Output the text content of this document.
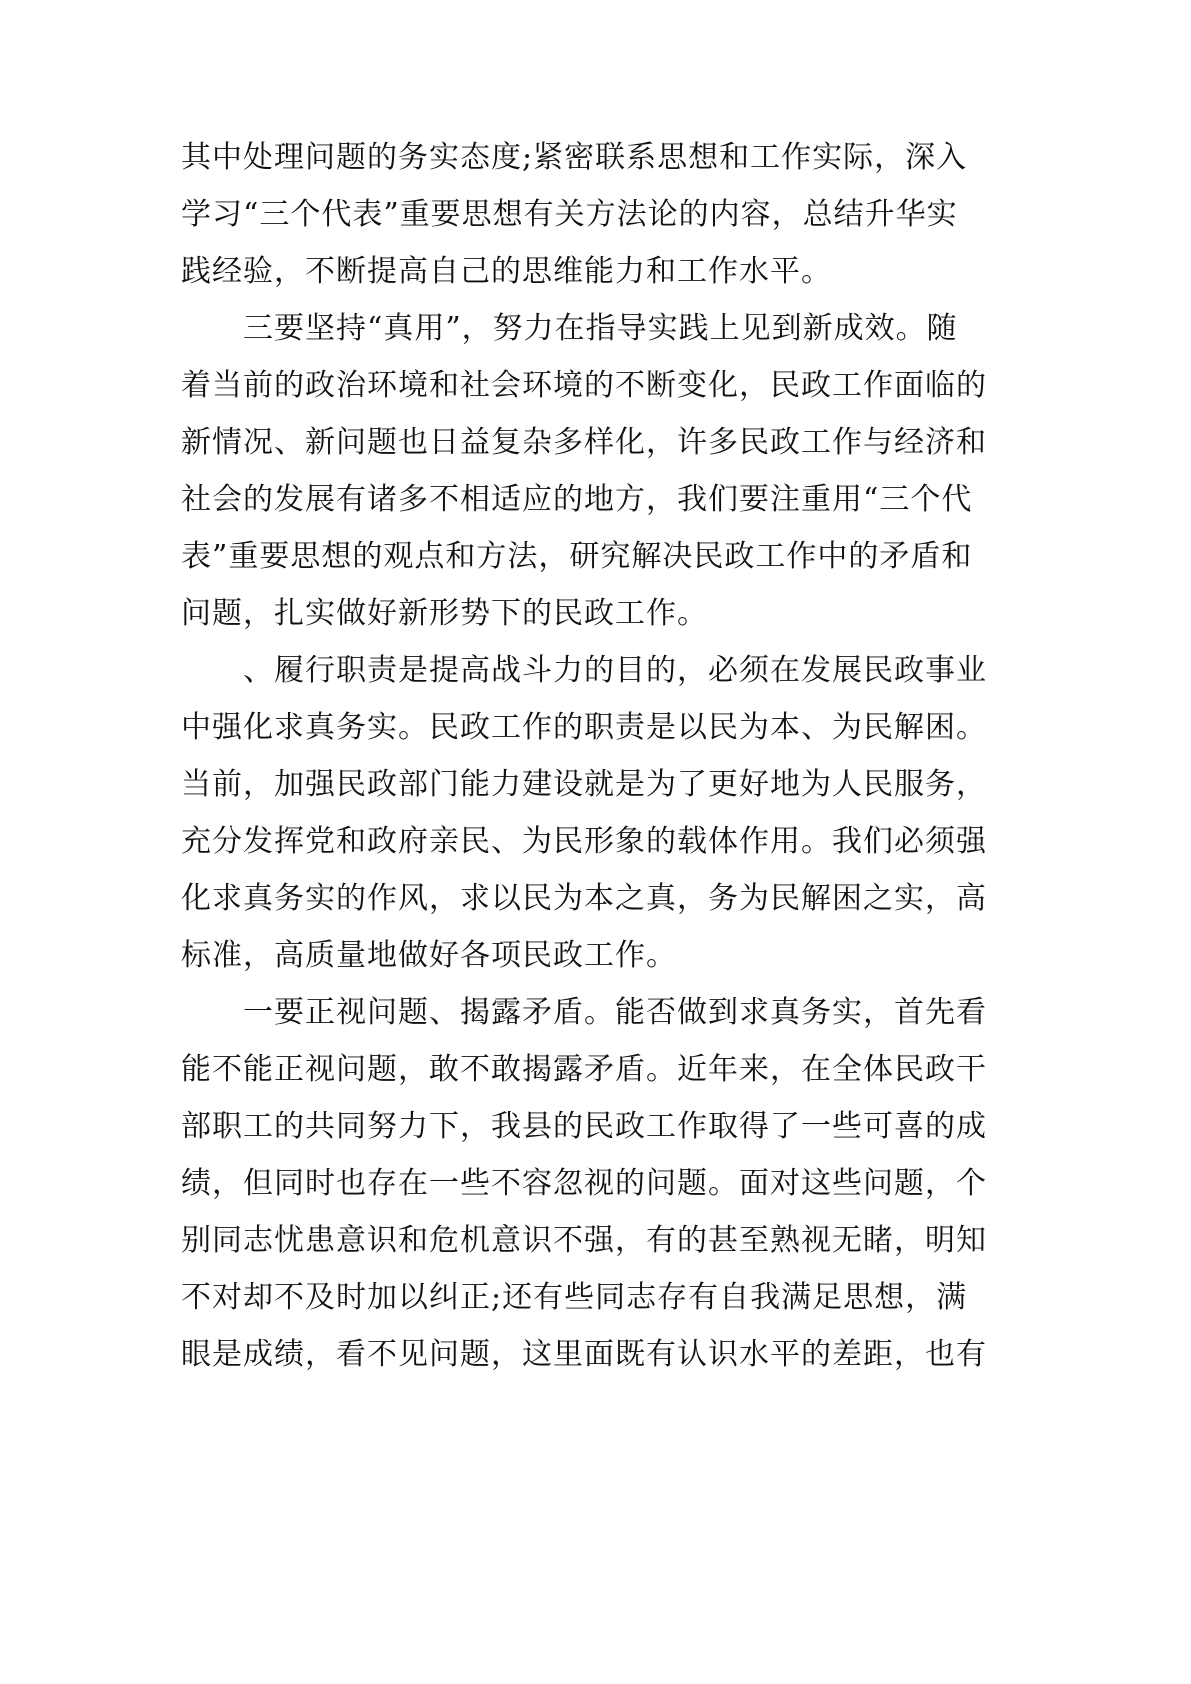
其中处理问题的务实态度;紧密联系思想和工作实际，深入
学习“三个代表”重要思想有关方法论的内容，总结升华实
践经验，不断提高自己的思维能力和工作水平。
三要坚持“真用”，努力在指导实践上见到新成效。随
着当前的政治环境和社会环境的不断变化，民政工作面临的
新情况、新问题也日益复杂多样化，许多民政工作与经济和
社会的发展有诸多不相适应的地方，我们要注重用“三个代
表”重要思想的观点和方法，研究解决民政工作中的矛盾和
问题，扎实做好新形势下的民政工作。
、履行职责是提高战斗力的目的，必须在发展民政事业
中强化求真务实。民政工作的职责是以民为本、为民解困。
当前，加强民政部门能力建设就是为了更好地为人民服务，
充分发挥党和政府亲民、为民形象的载体作用。我们必须强
化求真务实的作风，求以民为本之真，务为民解困之实，高
标准，高质量地做好各项民政工作。
一要正视问题、揭露矛盾。能否做到求真务实，首先看
能不能正视问题，敢不敢揭露矛盾。近年来，在全体民政干
部职工的共同努力下，我县的民政工作取得了一些可喜的成
绩，但同时也存在一些不容忽视的问题。面对这些问题，个
别同志忧患意识和危机意识不强，有的甚至熟视无睹，明知
不对却不及时加以纠正;还有些同志存有自我满足思想，满
眼是成绩，看不见问题，这里面既有认识水平的差距，也有
